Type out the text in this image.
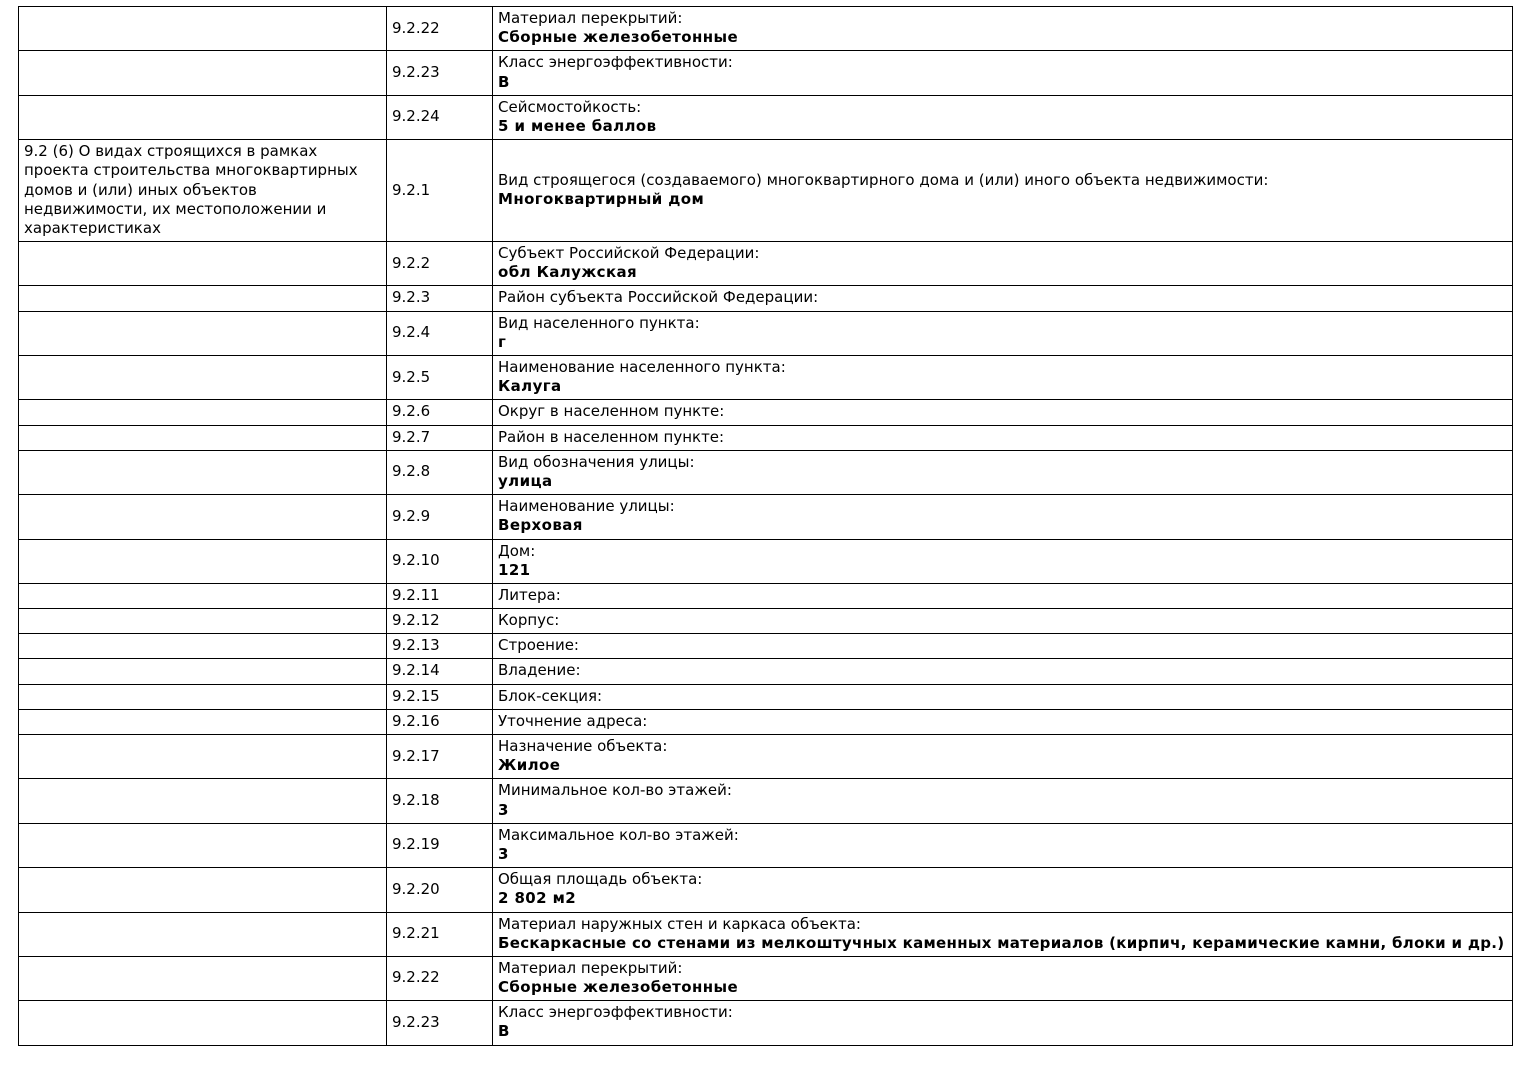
	9.2.22	Материал перекрытий:
Сборные железобетонные

	9.2.23	Класс энергоэффективности:
B

	9.2.24	Сейсмостойкость:
5 и менее баллов

9.2 (6) О видах строящихся в рамках проекта строительства многоквартирных домов и (или) иных объектов недвижимости, их местоположении и характеристиках	9.2.1	Вид строящегося (создаваемого) многоквартирного дома и (или) иного объекта недвижимости:
Многоквартирный дом

	9.2.2	Субъект Российской Федерации:
обл Калужская

	9.2.3	Район субъекта Российской Федерации:

	9.2.4	Вид населенного пункта:
г

	9.2.5	Наименование населенного пункта:
Калуга

	9.2.6	Округ в населенном пункте:

	9.2.7	Район в населенном пункте:

	9.2.8	Вид обозначения улицы:
улица

	9.2.9	Наименование улицы:
Верховая

	9.2.10	Дом:
121

	9.2.11	Литера:

	9.2.12	Корпус:

	9.2.13	Строение:

	9.2.14	Владение:

	9.2.15	Блок-секция:

	9.2.16	Уточнение адреса:

	9.2.17	Назначение объекта:
Жилое

	9.2.18	Минимальное кол-во этажей:
3

	9.2.19	Максимальное кол-во этажей:
3

	9.2.20	Общая площадь объекта:
2 802 м2

	9.2.21	Материал наружных стен и каркаса объекта:
Бескаркасные со стенами из мелкоштучных каменных материалов (кирпич, керамические камни, блоки и др.)

	9.2.22	Материал перекрытий:
Сборные железобетонные

	9.2.23	Класс энергоэффективности:
B
